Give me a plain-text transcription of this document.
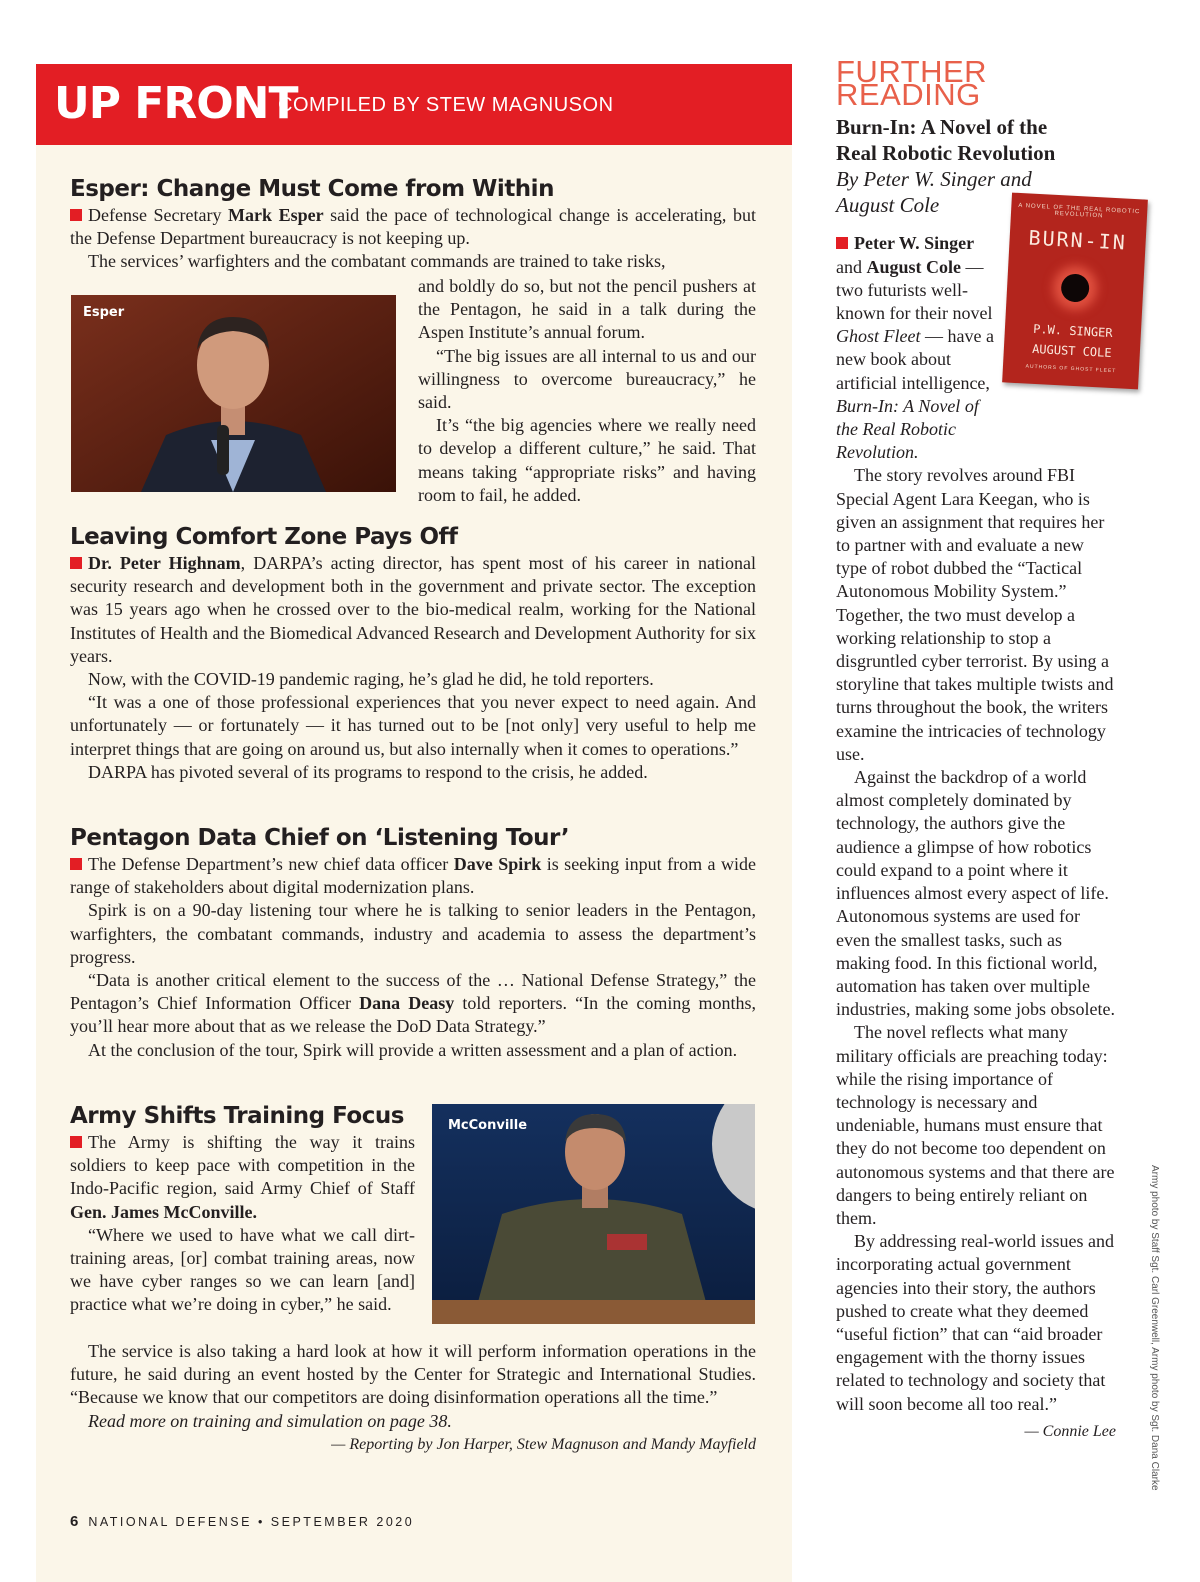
UP FRONT
COMPILED BY STEW MAGNUSON
Esper: Change Must Come from Within

Defense Secretary Mark Esper said the pace of technological change is accelerating, but the Defense Department bureaucracy is not keeping up.

The services’ warfighters and the combatant commands are trained to take risks,

Esper

and boldly do so, but not the pencil pushers at the Pentagon, he said in a talk during the Aspen Institute’s annual forum.

“The big issues are all internal to us and our willingness to overcome bureaucracy,” he said.

It’s “the big agencies where we really need to develop a different culture,” he said. That means taking “appropriate risks” and having room to fail, he added.

Leaving Comfort Zone Pays Off

Dr. Peter Highnam, DARPA’s acting director, has spent most of his career in national security research and development both in the government and private sector. The exception was 15 years ago when he crossed over to the bio-medical realm, working for the National Institutes of Health and the Biomedical Advanced Research and Development Authority for six years.

Now, with the COVID-19 pandemic raging, he’s glad he did, he told reporters.

“It was a one of those professional experiences that you never expect to need again. And unfortunately — or fortunately — it has turned out to be [not only] very useful to help me interpret things that are going on around us, but also internally when it comes to operations.”

DARPA has pivoted several of its programs to respond to the crisis, he added.

Pentagon Data Chief on ‘Listening Tour’

The Defense Department’s new chief data officer Dave Spirk is seeking input from a wide range of stakeholders about digital modernization plans.

Spirk is on a 90-day listening tour where he is talking to senior leaders in the Pentagon, warfighters, the combatant commands, industry and academia to assess the department’s progress.

“Data is another critical element to the success of the … National Defense Strategy,” the Pentagon’s Chief Information Officer Dana Deasy told reporters. “In the coming months, you’ll hear more about that as we release the DoD Data Strategy.”

At the conclusion of the tour, Spirk will provide a written assessment and a plan of action.

Army Shifts Training Focus

The Army is shifting the way it trains soldiers to keep pace with competition in the Indo-Pacific region, said Army Chief of Staff Gen. James McConville.

“Where we used to have what we call dirt-training areas, [or] combat training areas, now we have cyber ranges so we can learn [and] practice what we’re doing in cyber,” he said.

McConville

The service is also taking a hard look at how it will perform information operations in the future, he said during an event hosted by the Center for Strategic and International Studies. “Because we know that our competitors are doing disinformation operations all the time.”

Read more on training and simulation on page 38.

— Reporting by Jon Harper, Stew Magnuson and Mandy Mayfield

FURTHER READING

Burn-In: A Novel of the Real Robotic Revolution

By Peter W. Singer and August Cole

Peter W. Singer and August Cole — two futurists well-known for their novel Ghost Fleet — have a new book about artificial intelligence, Burn-In: A Novel of the Real Robotic Revolution.

The story revolves around FBI Special Agent Lara Keegan, who is given an assignment that requires her to partner with and evaluate a new type of robot dubbed the “Tactical Autonomous Mobility System.” Together, the two must develop a working relationship to stop a disgruntled cyber terrorist. By using a storyline that takes multiple twists and turns throughout the book, the writers examine the intricacies of technology use.

Against the backdrop of a world almost completely dominated by technology, the authors give the audience a glimpse of how robotics could expand to a point where it influences almost every aspect of life. Autonomous systems are used for even the smallest tasks, such as making food. In this fictional world, automation has taken over multiple industries, making some jobs obsolete.

The novel reflects what many military officials are preaching today: while the rising importance of technology is necessary and undeniable, humans must ensure that they do not become too dependent on autonomous systems and that there are dangers to being entirely reliant on them.

By addressing real-world issues and incorporating actual government agencies into their story, the authors pushed to create what they deemed “useful fiction” that can “aid broader engagement with the thorny issues related to technology and society that will soon become all too real.”

— Connie Lee

A NOVEL OF THE REAL ROBOTIC REVOLUTION
BURN-IN
P.W. SINGER
AUGUST COLE
AUTHORS OF GHOST FLEET
Army photo by Staff Sgt. Carl Greenwell, Army photo by Sgt. Dana Clarke
6 NATIONAL DEFENSE • SEPTEMBER 2020
